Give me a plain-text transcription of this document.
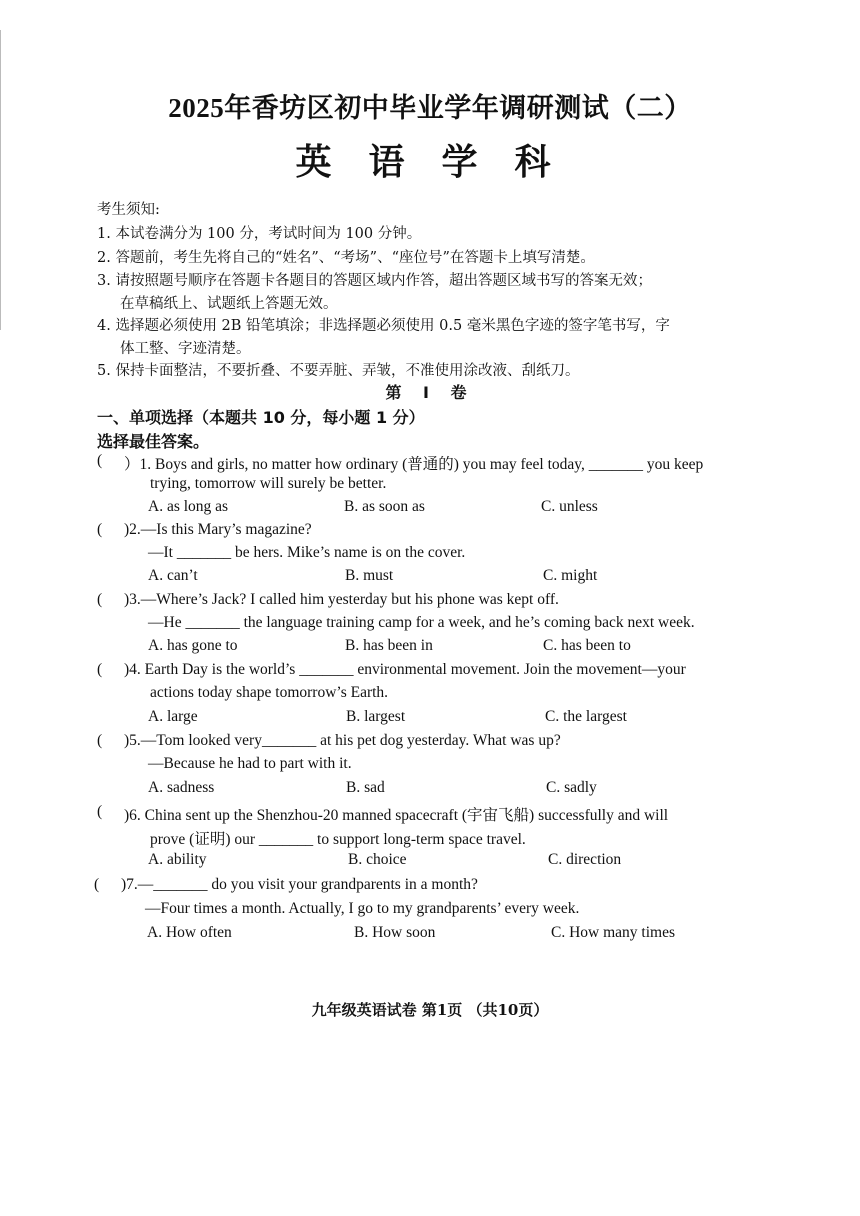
2025年香坊区初中毕业学年调研测试（二）
英 语 学 科
考生须知:
1. 本试卷满分为 100 分，考试时间为 100 分钟。
2. 答题前，考生先将自己的“姓名”、“考场”、“座位号”在答题卡上填写清楚。
3. 请按照题号顺序在答题卡各题目的答题区域内作答，超出答题区域书写的答案无效；
在草稿纸上、试题纸上答题无效。
4. 选择题必须使用 2B 铅笔填涂；非选择题必须使用 0.5 毫米黑色字迹的签字笔书写，字
体工整、字迹清楚。
5. 保持卡面整洁，不要折叠、不要弄脏、弄皱，不准使用涂改液、刮纸刀。
第 Ⅰ 卷
一、单项选择（本题共 10 分，每小题 1 分）
选择最佳答案。
( ）1. Boys and girls, no matter how ordinary (普通的) you may feel today, _______ you keep
trying, tomorrow will surely be better.
A. as long as	B. as soon as	C. unless
( )2.—Is this Mary’s magazine?
—It _______ be hers. Mike’s name is on the cover.
A. can’t	B. must	C. might
( )3.—Where’s Jack? I called him yesterday but his phone was kept off.
—He _______ the language training camp for a week, and he’s coming back next week.
A. has gone to	B. has been in	C. has been to
( )4. Earth Day is the world’s _______ environmental movement. Join the movement—your
actions today shape tomorrow’s Earth.
A. large	B. largest	C. the largest
( )5.—Tom looked very_______ at his pet dog yesterday. What was up?
—Because he had to part with it.
A. sadness	B. sad	C. sadly
( )6. China sent up the Shenzhou-20 manned spacecraft (宇宙飞船) successfully and will
prove (证明) our _______ to support long-term space travel.
A. ability	B. choice	C. direction
( )7.—_______ do you visit your grandparents in a month?
—Four times a month. Actually, I go to my grandparents’ every week.
A. How often	B. How soon	C. How many times
九年级英语试卷 第1页 （共10页）
